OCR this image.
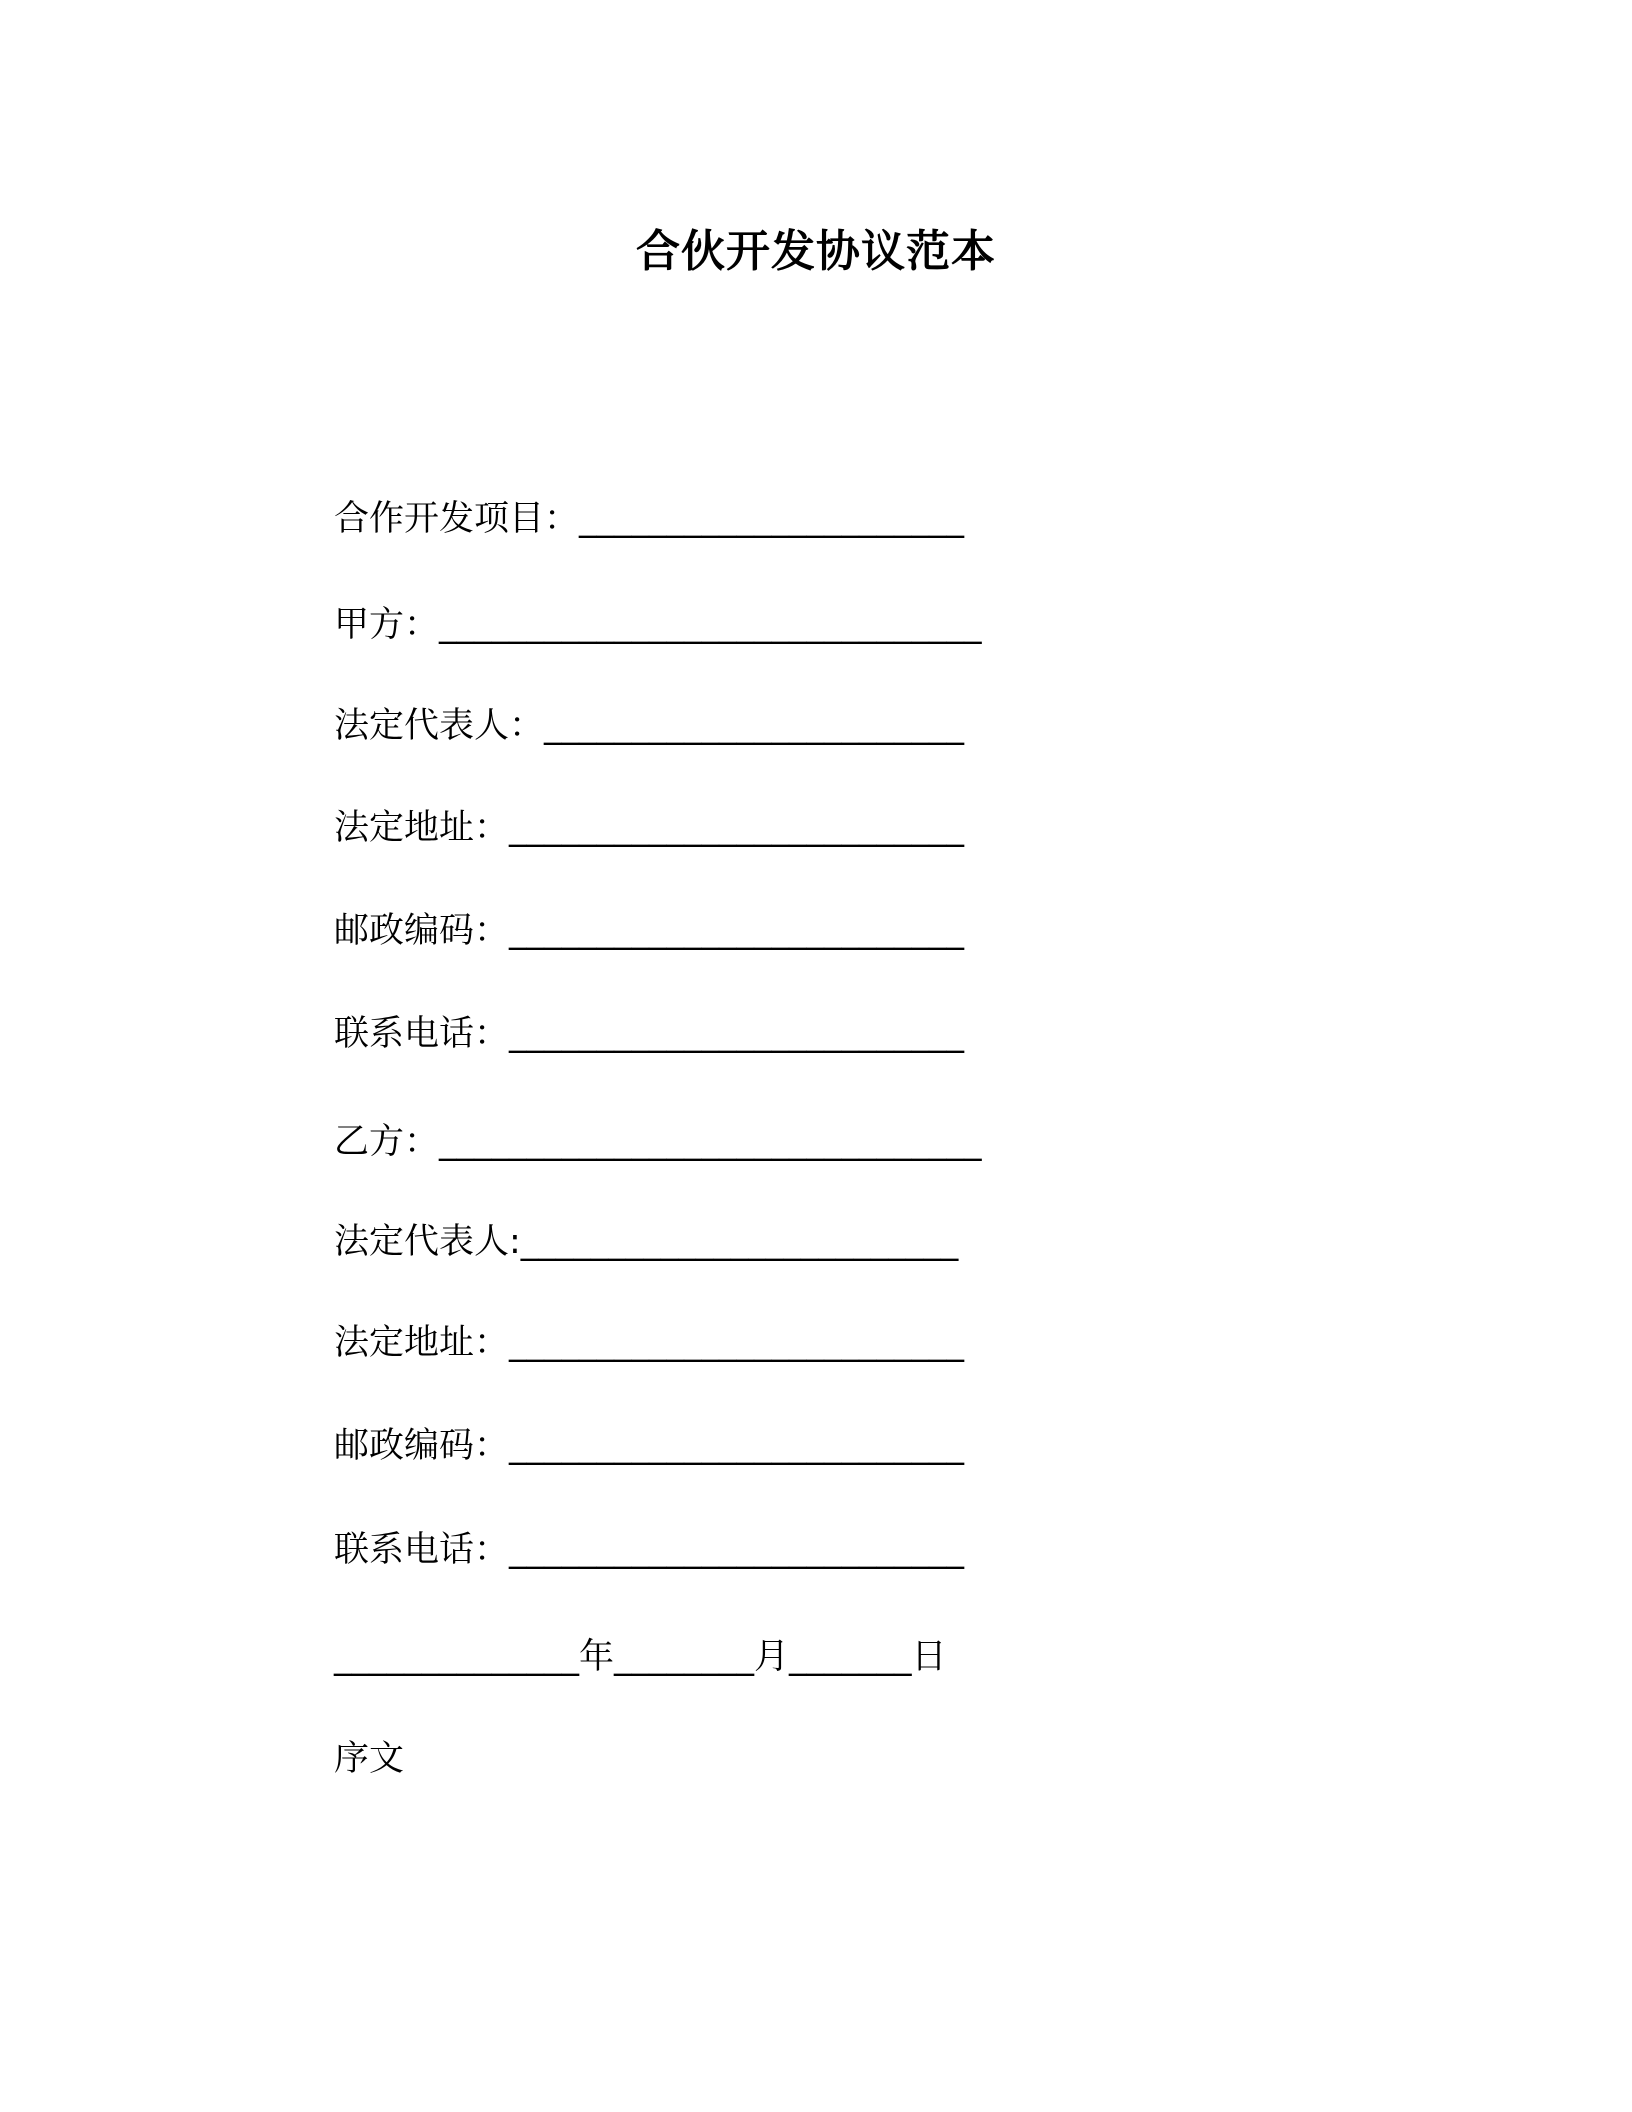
合伙开发协议范本
合作开发项目：______________________
甲方：_______________________________
法定代表人：________________________
法定地址：__________________________
邮政编码：__________________________
联系电话：__________________________
乙方：_______________________________
法定代表人:_________________________
法定地址：__________________________
邮政编码：__________________________
联系电话：__________________________
______________年________月_______日
序文
